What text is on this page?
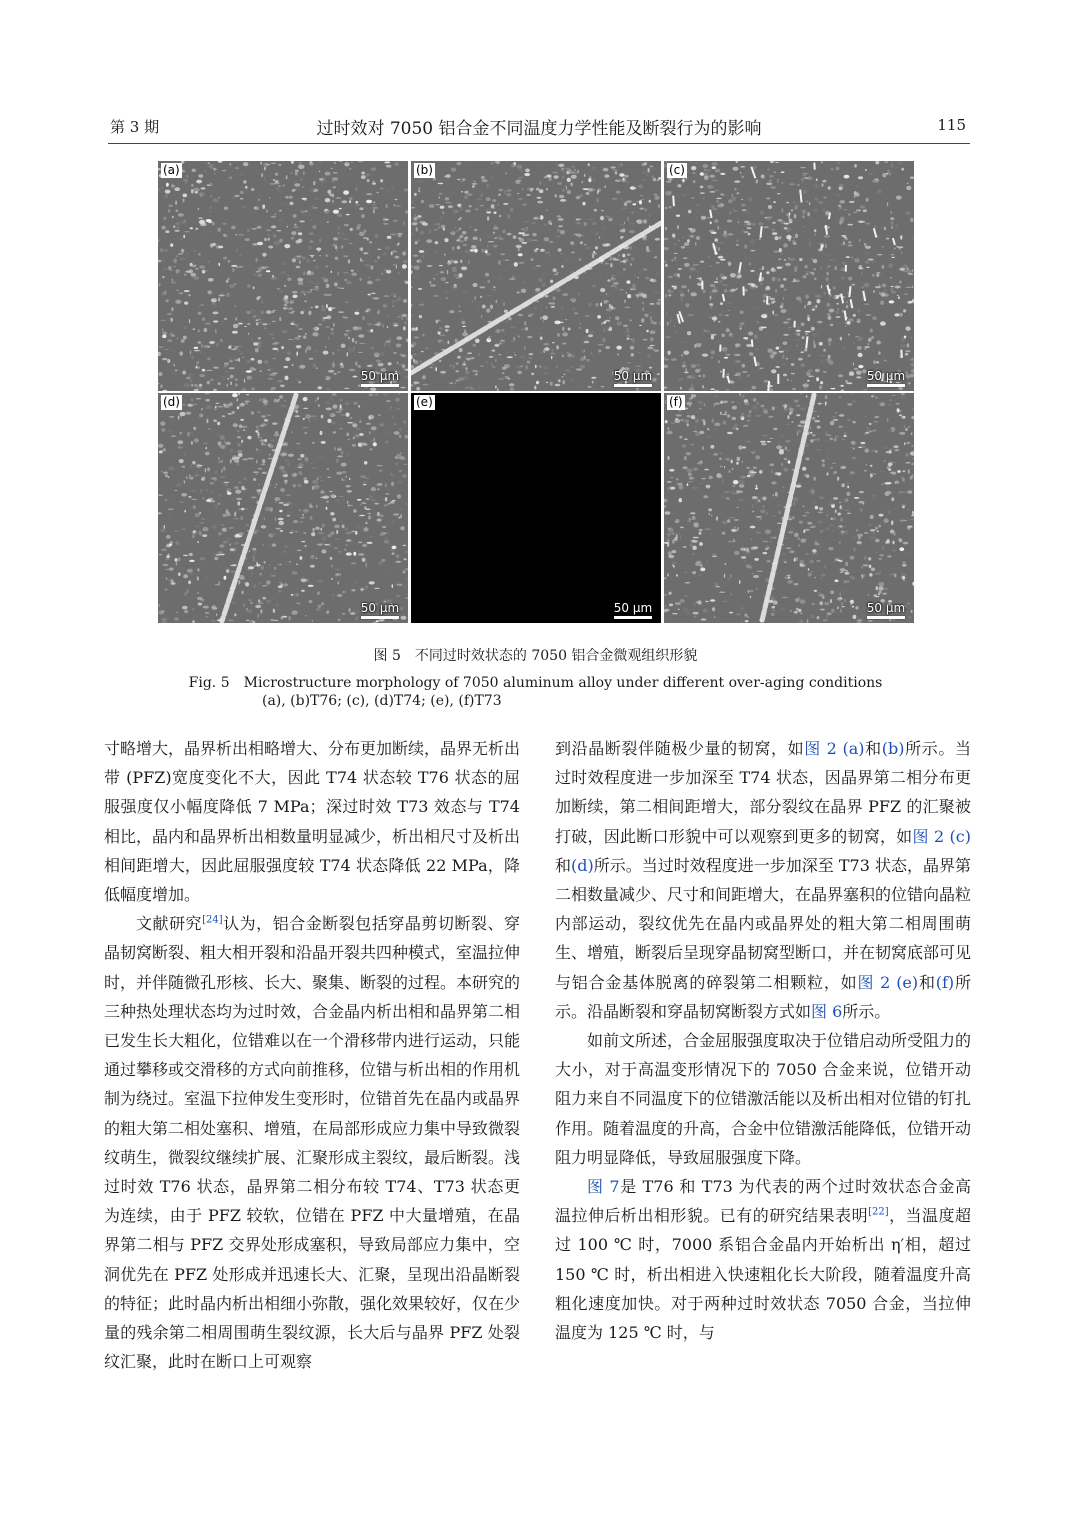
第 3 期	过时效对 7050 铝合金不同温度力学性能及断裂行为的影响	115
(a)
50 μm
(b)
50 μm
(c)
50 μm
(d)
50 μm
(e)
50 μm
(f)
50 μm
图 5　不同过时效状态的 7050 铝合金微观组织形貌
Fig. 5　Microstructure morphology of 7050 aluminum alloy under different over-aging conditions
(a), (b)T76; (c), (d)T74; (e), (f)T73

寸略增大，晶界析出相略增大、分布更加断续，晶界无析出带 (PFZ)宽度变化不大，因此 T74 状态较 T76 状态的屈服强度仅小幅度降低 7 MPa；深过时效 T73 效态与 T74 相比，晶内和晶界析出相数量明显减少，析出相尺寸及析出相间距增大，因此屈服强度较 T74 状态降低 22 MPa，降低幅度增加。

文献研究[24]认为，铝合金断裂包括穿晶剪切断裂、穿晶韧窝断裂、粗大相开裂和沿晶开裂共四种模式，室温拉伸时，并伴随微孔形核、长大、聚集、断裂的过程。本研究的三种热处理状态均为过时效，合金晶内析出相和晶界第二相已发生长大粗化，位错难以在一个滑移带内进行运动，只能通过攀移或交滑移的方式向前推移，位错与析出相的作用机制为绕过。室温下拉伸发生变形时，位错首先在晶内或晶界的粗大第二相处塞积、增殖，在局部形成应力集中导致微裂纹萌生，微裂纹继续扩展、汇聚形成主裂纹，最后断裂。浅过时效 T76 状态，晶界第二相分布较 T74、T73 状态更为连续，由于 PFZ 较软，位错在 PFZ 中大量增殖，在晶界第二相与 PFZ 交界处形成塞积，导致局部应力集中，空洞优先在 PFZ 处形成并迅速长大、汇聚，呈现出沿晶断裂的特征；此时晶内析出相细小弥散，强化效果较好，仅在少量的残余第二相周围萌生裂纹源，长大后与晶界 PFZ 处裂纹汇聚，此时在断口上可观察

到沿晶断裂伴随极少量的韧窝，如图 2 (a)和(b)所示。当过时效程度进一步加深至 T74 状态，因晶界第二相分布更加断续，第二相间距增大，部分裂纹在晶界 PFZ 的汇聚被打破，因此断口形貌中可以观察到更多的韧窝，如图 2 (c)和(d)所示。当过时效程度进一步加深至 T73 状态，晶界第二相数量减少、尺寸和间距增大，在晶界塞积的位错向晶粒内部运动，裂纹优先在晶内或晶界处的粗大第二相周围萌生、增殖，断裂后呈现穿晶韧窝型断口，并在韧窝底部可见与铝合金基体脱离的碎裂第二相颗粒，如图 2 (e)和(f)所示。沿晶断裂和穿晶韧窝断裂方式如图 6所示。

如前文所述，合金屈服强度取决于位错启动所受阻力的大小，对于高温变形情况下的 7050 合金来说，位错开动阻力来自不同温度下的位错激活能以及析出相对位错的钉扎作用。随着温度的升高，合金中位错激活能降低，位错开动阻力明显降低，导致屈服强度下降。

图 7是 T76 和 T73 为代表的两个过时效状态合金高温拉伸后析出相形貌。已有的研究结果表明[22]，当温度超过 100 ℃ 时，7000 系铝合金晶内开始析出 η′相，超过 150 ℃ 时，析出相进入快速粗化长大阶段，随着温度升高粗化速度加快。对于两种过时效状态 7050 合金，当拉伸温度为 125 ℃ 时，与
